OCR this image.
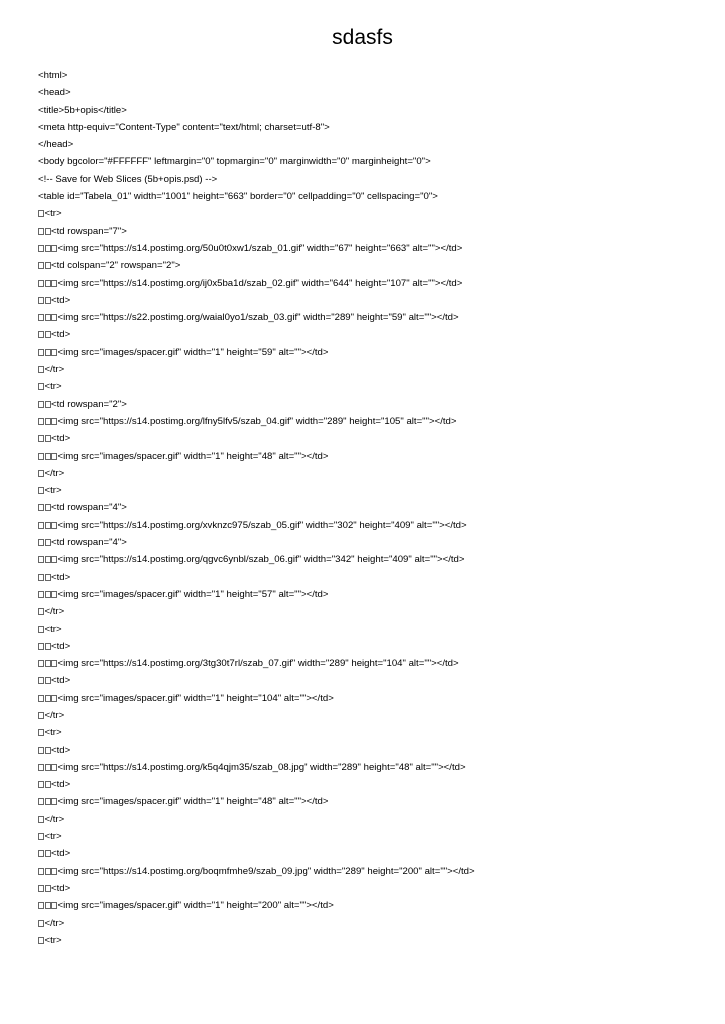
sdasfs
<html>
<head>
<title>5b+opis</title>
<meta http-equiv="Content-Type" content="text/html; charset=utf-8">
</head>
<body bgcolor="#FFFFFF" leftmargin="0" topmargin="0" marginwidth="0" marginheight="0">
<!-- Save for Web Slices (5b+opis.psd) -->
<table id="Tabela_01" width="1001" height="663" border="0" cellpadding="0" cellspacing="0">
<tr>
<td rowspan="7">
<img src="https://s14.postimg.org/50u0t0xw1/szab_01.gif" width="67" height="663" alt=""></td>
<td colspan="2" rowspan="2">
<img src="https://s14.postimg.org/ij0x5ba1d/szab_02.gif" width="644" height="107" alt=""></td>
<td>
<img src="https://s22.postimg.org/waial0yo1/szab_03.gif" width="289" height="59" alt=""></td>
<td>
<img src="images/spacer.gif" width="1" height="59" alt=""></td>
</tr>
<tr>
<td rowspan="2">
<img src="https://s14.postimg.org/lfny5lfv5/szab_04.gif" width="289" height="105" alt=""></td>
<td>
<img src="images/spacer.gif" width="1" height="48" alt=""></td>
</tr>
<tr>
<td rowspan="4">
<img src="https://s14.postimg.org/xvknzc975/szab_05.gif" width="302" height="409" alt=""></td>
<td rowspan="4">
<img src="https://s14.postimg.org/qgvc6ynbl/szab_06.gif" width="342" height="409" alt=""></td>
<td>
<img src="images/spacer.gif" width="1" height="57" alt=""></td>
</tr>
<tr>
<td>
<img src="https://s14.postimg.org/3tg30t7rl/szab_07.gif" width="289" height="104" alt=""></td>
<td>
<img src="images/spacer.gif" width="1" height="104" alt=""></td>
</tr>
<tr>
<td>
<img src="https://s14.postimg.org/k5q4qjm35/szab_08.jpg" width="289" height="48" alt=""></td>
<td>
<img src="images/spacer.gif" width="1" height="48" alt=""></td>
</tr>
<tr>
<td>
<img src="https://s14.postimg.org/boqmfmhe9/szab_09.jpg" width="289" height="200" alt=""></td>
<td>
<img src="images/spacer.gif" width="1" height="200" alt=""></td>
</tr>
<tr>
